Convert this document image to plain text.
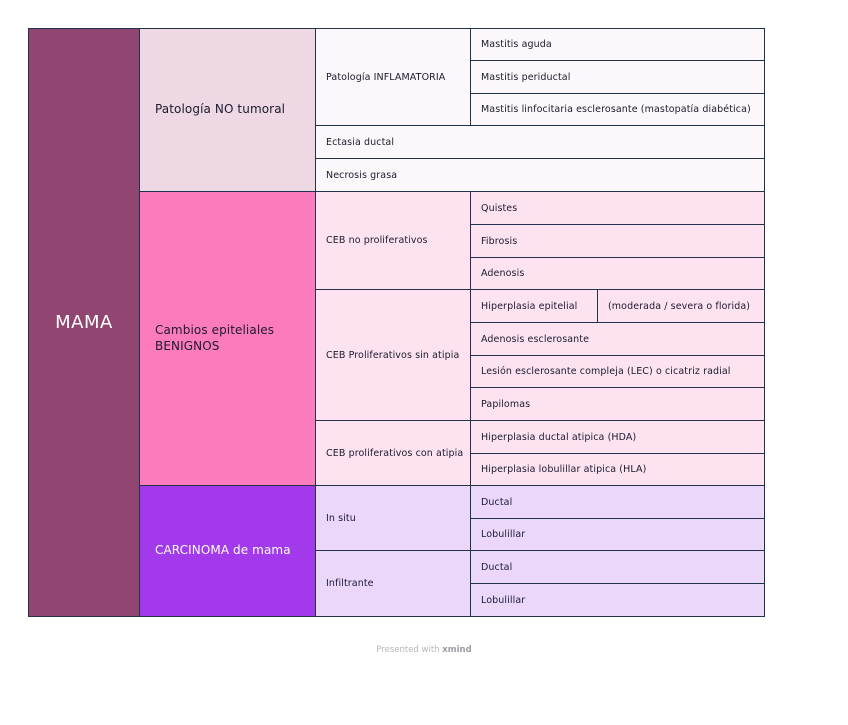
MAMA
Patología NO tumoral
Cambios epiteliales
BENIGNOS
CARCINOMA de mama
Patología INFLAMATORIA
Ectasia ductal
Necrosis grasa
Mastitis aguda
Mastitis periductal
Mastitis linfocitaria esclerosante (mastopatía diabética)
CEB no proliferativos
CEB Proliferativos sin atipia
CEB proliferativos con atipia
Quistes
Fibrosis
Adenosis
Hiperplasia epitelial	(moderada / severa o florida)
Adenosis esclerosante
Lesión esclerosante compleja (LEC) o cicatriz radial
Papilomas
Hiperplasia ductal atipica (HDA)
Hiperplasia lobulillar atipica (HLA)
In situ
Infiltrante
Ductal
Lobulillar
Ductal
Lobulillar
Presented with xmind
